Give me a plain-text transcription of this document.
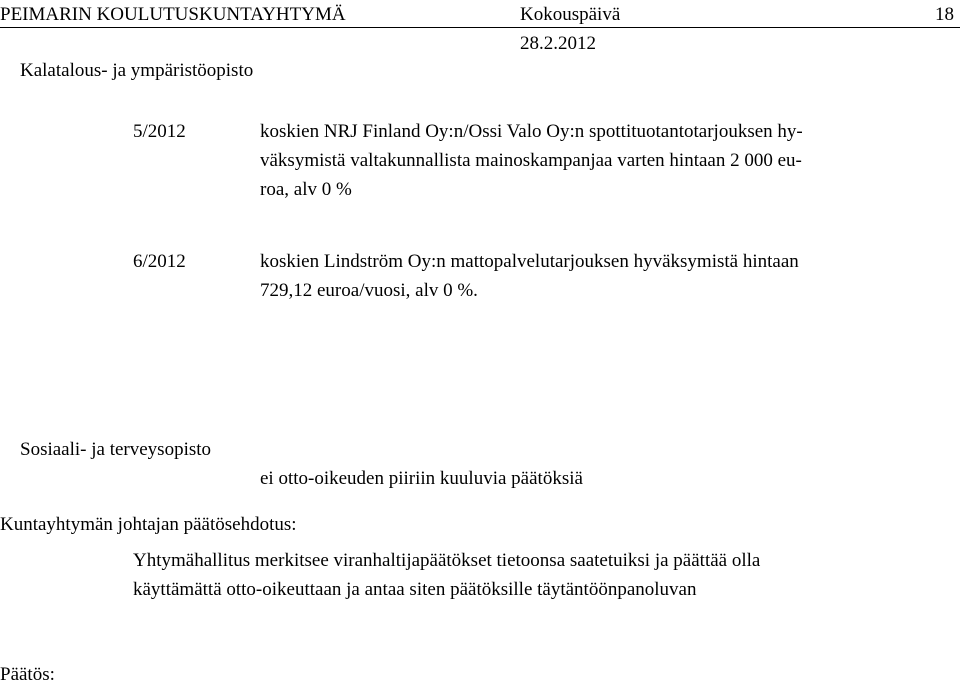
PEIMARIN KOULUTUSKUNTAYHTYMÄ	Kokouspäivä	18
28.2.2012
Kalatalous- ja ympäristöopisto
5/2012	koskien NRJ Finland Oy:n/Ossi Valo Oy:n spottituotantotarjouksen hy-
väksymistä valtakunnallista mainoskampanjaa varten hintaan 2 000 eu-
roa, alv 0 %
6/2012	koskien Lindström Oy:n mattopalvelutarjouksen hyväksymistä hintaan
729,12 euroa/vuosi, alv 0 %.
Sosiaali- ja terveysopisto
ei otto-oikeuden piiriin kuuluvia päätöksiä
Kuntayhtymän johtajan päätösehdotus:
Yhtymähallitus merkitsee viranhaltijapäätökset tietoonsa saatetuiksi ja päättää olla
käyttämättä otto-oikeuttaan ja antaa siten päätöksille täytäntöönpanoluvan
Päätös:
